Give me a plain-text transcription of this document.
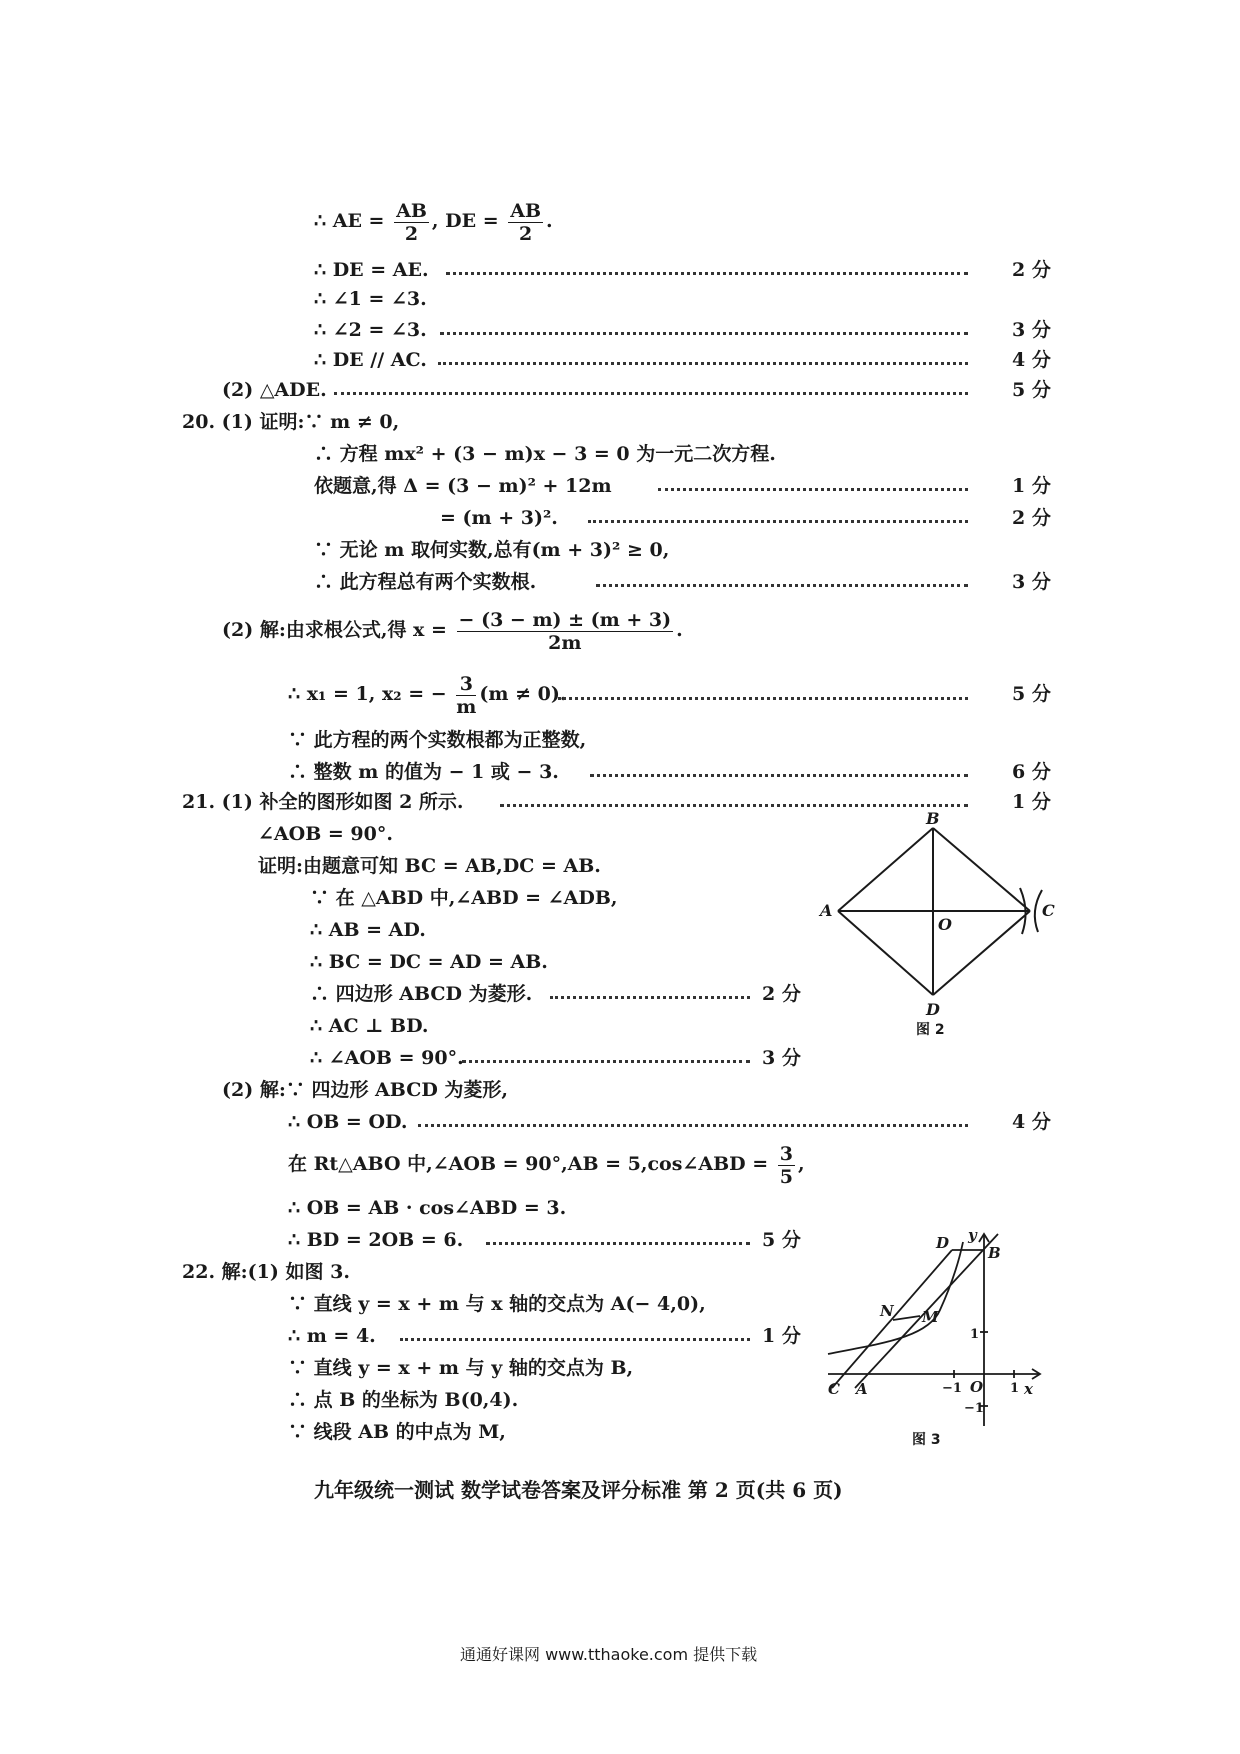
∴ AE = $\frac{AB}{2}$ , DE = $\frac{AB}{2}$ .
∴ DE = AE.	2 分
∴ ∠1 = ∠3.
∴ ∠2 = ∠3.	3 分
∴ DE // AC.	4 分
(2) △ADE.	5 分
20. (1) 证明:∵ m ≠ 0,
∴ 方程 mx² + (3 − m)x − 3 = 0 为一元二次方程.
依题意,得 Δ = (3 − m)² + 12m	1 分
= (m + 3)².	2 分
∵ 无论 m 取何实数,总有(m + 3)² ≥ 0,
∴ 此方程总有两个实数根.	3 分
(2) 解:由求根公式,得 $x = \frac{- (3 - m) \pm (m + 3)}{2m}$ .
∴ x₁ = 1, x₂ = − $\frac{3}{m} (m \ne 0)$.	5 分
∵ 此方程的两个实数根都为正整数,
∴ 整数 m 的值为 − 1 或 − 3.	6 分
21. (1) 补全的图形如图 2 所示.	1 分
∠AOB = 90°.
证明:由题意可知 BC = AB,DC = AB.
∵ 在 △ABD 中,∠ABD = ∠ADB,
∴ AB = AD.
∴ BC = DC = AD = AB.
∴ 四边形 ABCD 为菱形.	2 分
∴ AC ⊥ BD.
∴ ∠AOB = 90°.	3 分
(2) 解:∵ 四边形 ABCD 为菱形,
∴ OB = OD.	4 分
在 Rt△ABO 中,∠AOB = 90°,AB = 5,cos∠ABD = $\frac{3}{5}$ ,
∴ OB = AB · cos∠ABD = 3.
∴ BD = 2OB = 6.	5 分
22. 解:(1) 如图 3.
∵ 直线 y = x + m 与 x 轴的交点为 A(− 4,0),
∴ m = 4.	1 分
∵ 直线 y = x + m 与 y 轴的交点为 B,
∴ 点 B 的坐标为 B(0,4).
∵ 线段 AB 的中点为 M,
B
A	C
D
O
图 2
y
D
B
N M
C A	x
O
1
−1	1
−1
图 3
九年级统一测试 数学试卷答案及评分标准 第 2 页(共 6 页)
通通好课网 www.tthaoke.com 提供下载
